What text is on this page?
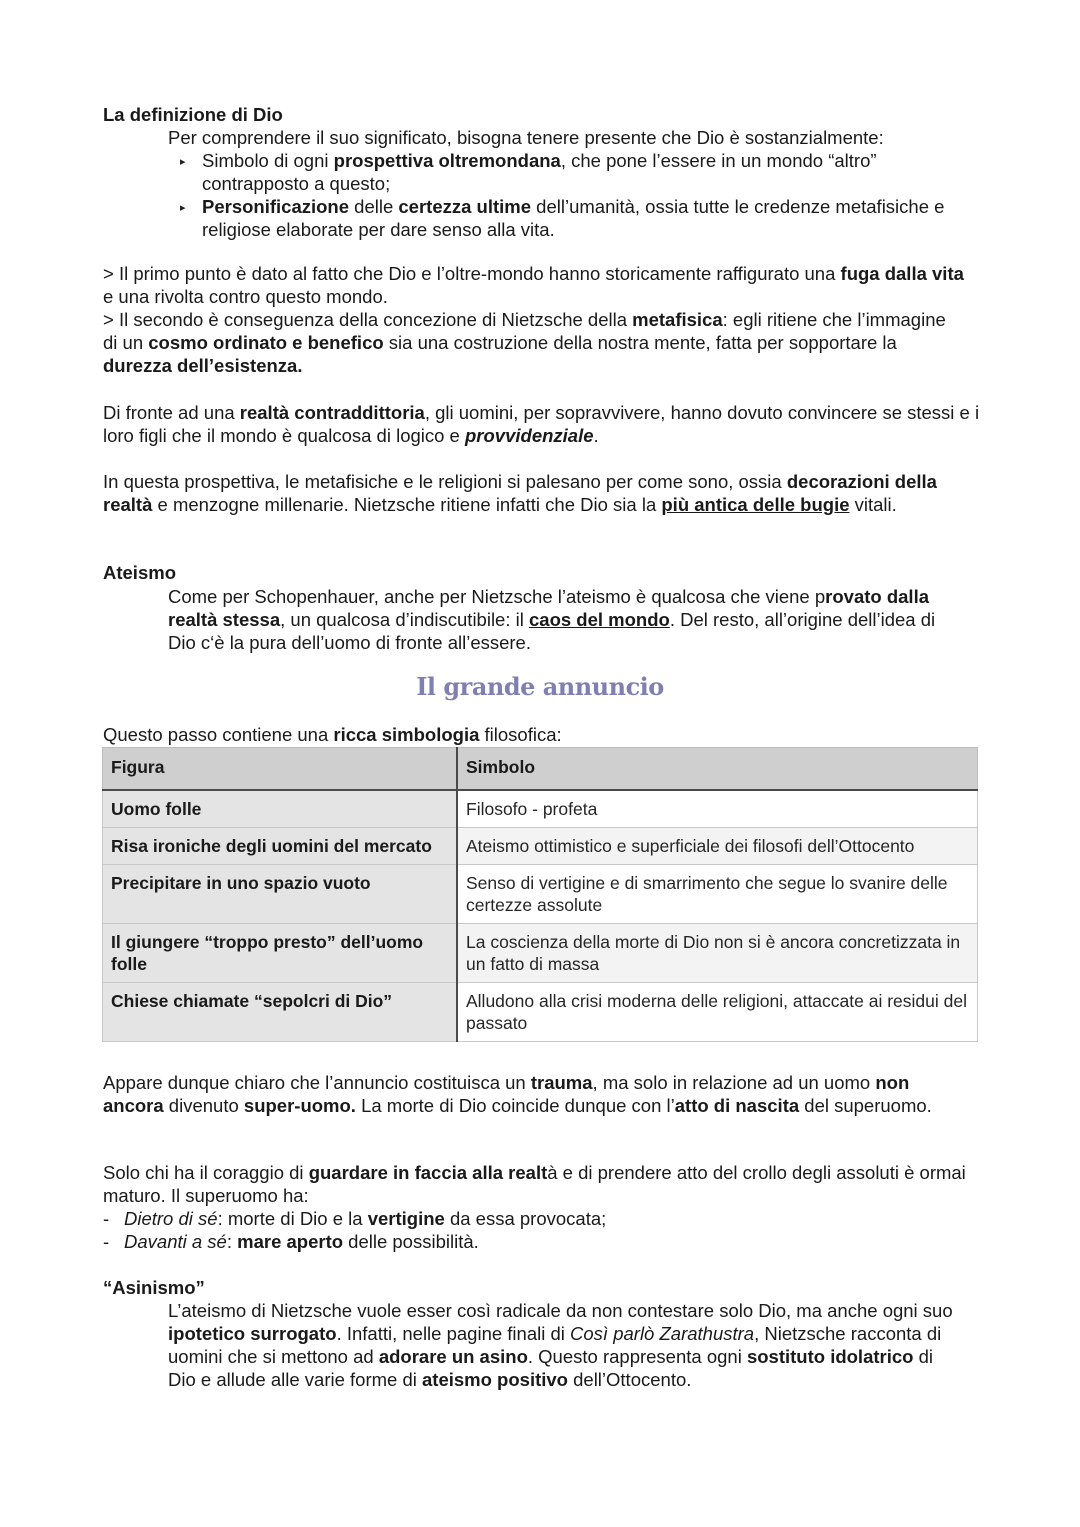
La definizione di Dio
Per comprendere il suo significato, bisogna tenere presente che Dio è sostanzialmente:
▸ Simbolo di ogni prospettiva oltremondana, che pone l’essere in un mondo “altro” contrapposto a questo;
▸ Personificazione delle certezza ultime dell’umanità, ossia tutte le credenze metafisiche e religiose elaborate per dare senso alla vita.

> Il primo punto è dato al fatto che Dio e l’oltre-mondo hanno storicamente raffigurato una fuga dalla vita e una rivolta contro questo mondo.

> Il secondo è conseguenza della concezione di Nietzsche della metafisica: egli ritiene che l’immagine di un cosmo ordinato e benefico sia una costruzione della nostra mente, fatta per sopportare la durezza dell’esistenza.

Di fronte ad una realtà contraddittoria, gli uomini, per sopravvivere, hanno dovuto convincere se stessi e i loro figli che il mondo è qualcosa di logico e provvidenziale.

In questa prospettiva, le metafisiche e le religioni si palesano per come sono, ossia decorazioni della realtà e menzogne millenarie. Nietzsche ritiene infatti che Dio sia la più antica delle bugie vitali.

Ateismo

Come per Schopenhauer, anche per Nietzsche l’ateismo è qualcosa che viene provato dalla realtà stessa, un qualcosa d’indiscutibile: il caos del mondo. Del resto, all’origine dell’idea di Dio c‘è la pura dell’uomo di fronte all’essere.

Il grande annuncio

Questo passo contiene una ricca simbologia filosofica:

Figura	Simbolo
Uomo folle	Filosofo - profeta
Risa ironiche degli uomini del mercato	Ateismo ottimistico e superficiale dei filosofi dell’Ottocento
Precipitare in uno spazio vuoto	Senso di vertigine e di smarrimento che segue lo svanire delle certezze assolute
Il giungere “troppo presto” dell’uomo folle	La coscienza della morte di Dio non si è ancora concretizzata in un fatto di massa
Chiese chiamate “sepolcri di Dio”	Alludono alla crisi moderna delle religioni, attaccate ai residui del passato

Appare dunque chiaro che l’annuncio costituisca un trauma, ma solo in relazione ad un uomo non ancora divenuto super-uomo. La morte di Dio coincide dunque con l’atto di nascita del superuomo.

Solo chi ha il coraggio di guardare in faccia alla realtà e di prendere atto del crollo degli assoluti è ormai maturo. Il superuomo ha:

- Dietro di sé: morte di Dio e la vertigine da essa provocata;
- Davanti a sé: mare aperto delle possibilità.
“Asinismo”

L’ateismo di Nietzsche vuole esser così radicale da non contestare solo Dio, ma anche ogni suo ipotetico surrogato. Infatti, nelle pagine finali di Così parlò Zarathustra, Nietzsche racconta di uomini che si mettono ad adorare un asino. Questo rappresenta ogni sostituto idolatrico di Dio e allude alle varie forme di ateismo positivo dell’Ottocento.
